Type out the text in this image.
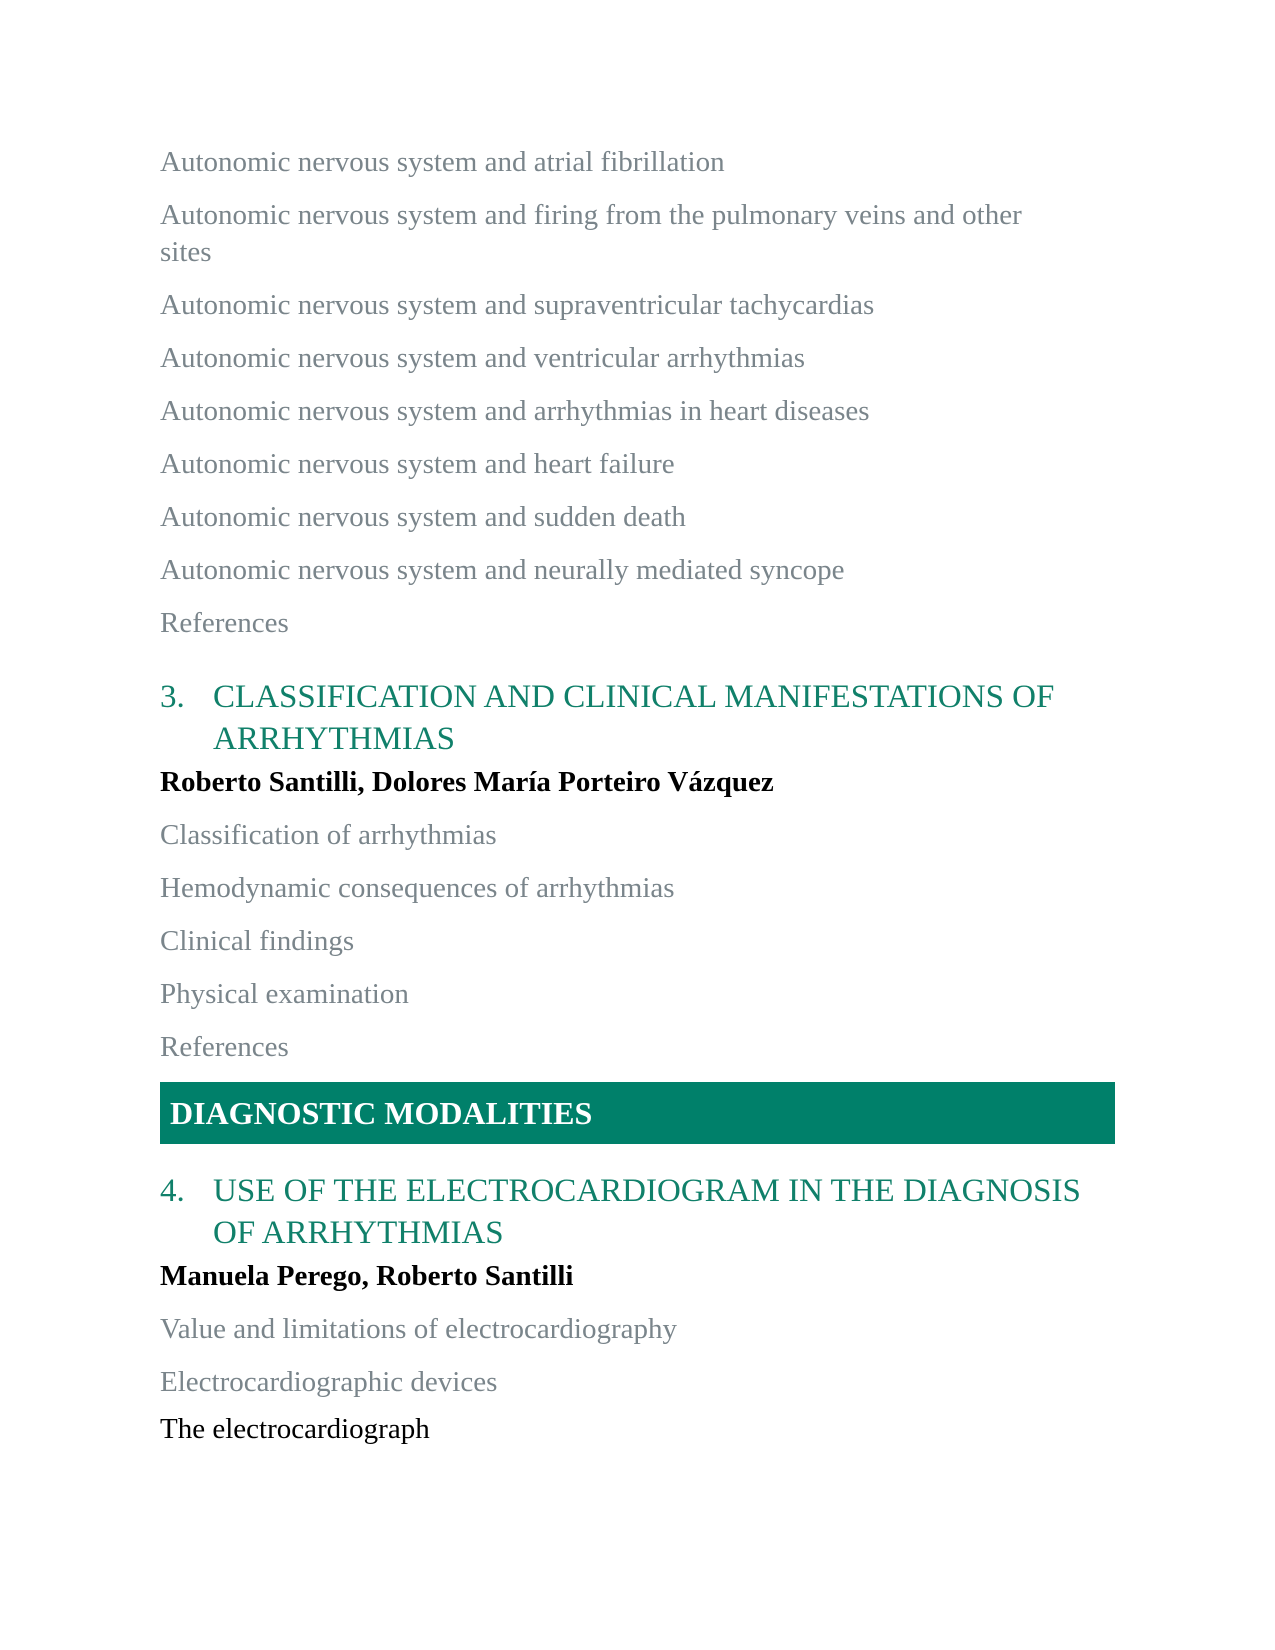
Autonomic nervous system and atrial fibrillation
Autonomic nervous system and firing from the pulmonary veins and other sites
Autonomic nervous system and supraventricular tachycardias
Autonomic nervous system and ventricular arrhythmias
Autonomic nervous system and arrhythmias in heart diseases
Autonomic nervous system and heart failure
Autonomic nervous system and sudden death
Autonomic nervous system and neurally mediated syncope
References
3. CLASSIFICATION AND CLINICAL MANIFESTATIONS OF ARRHYTHMIAS
Roberto Santilli, Dolores María Porteiro Vázquez
Classification of arrhythmias
Hemodynamic consequences of arrhythmias
Clinical findings
Physical examination
References
DIAGNOSTIC MODALITIES
4. USE OF THE ELECTROCARDIOGRAM IN THE DIAGNOSIS OF ARRHYTHMIAS
Manuela Perego, Roberto Santilli
Value and limitations of electrocardiography
Electrocardiographic devices
The electrocardiograph
